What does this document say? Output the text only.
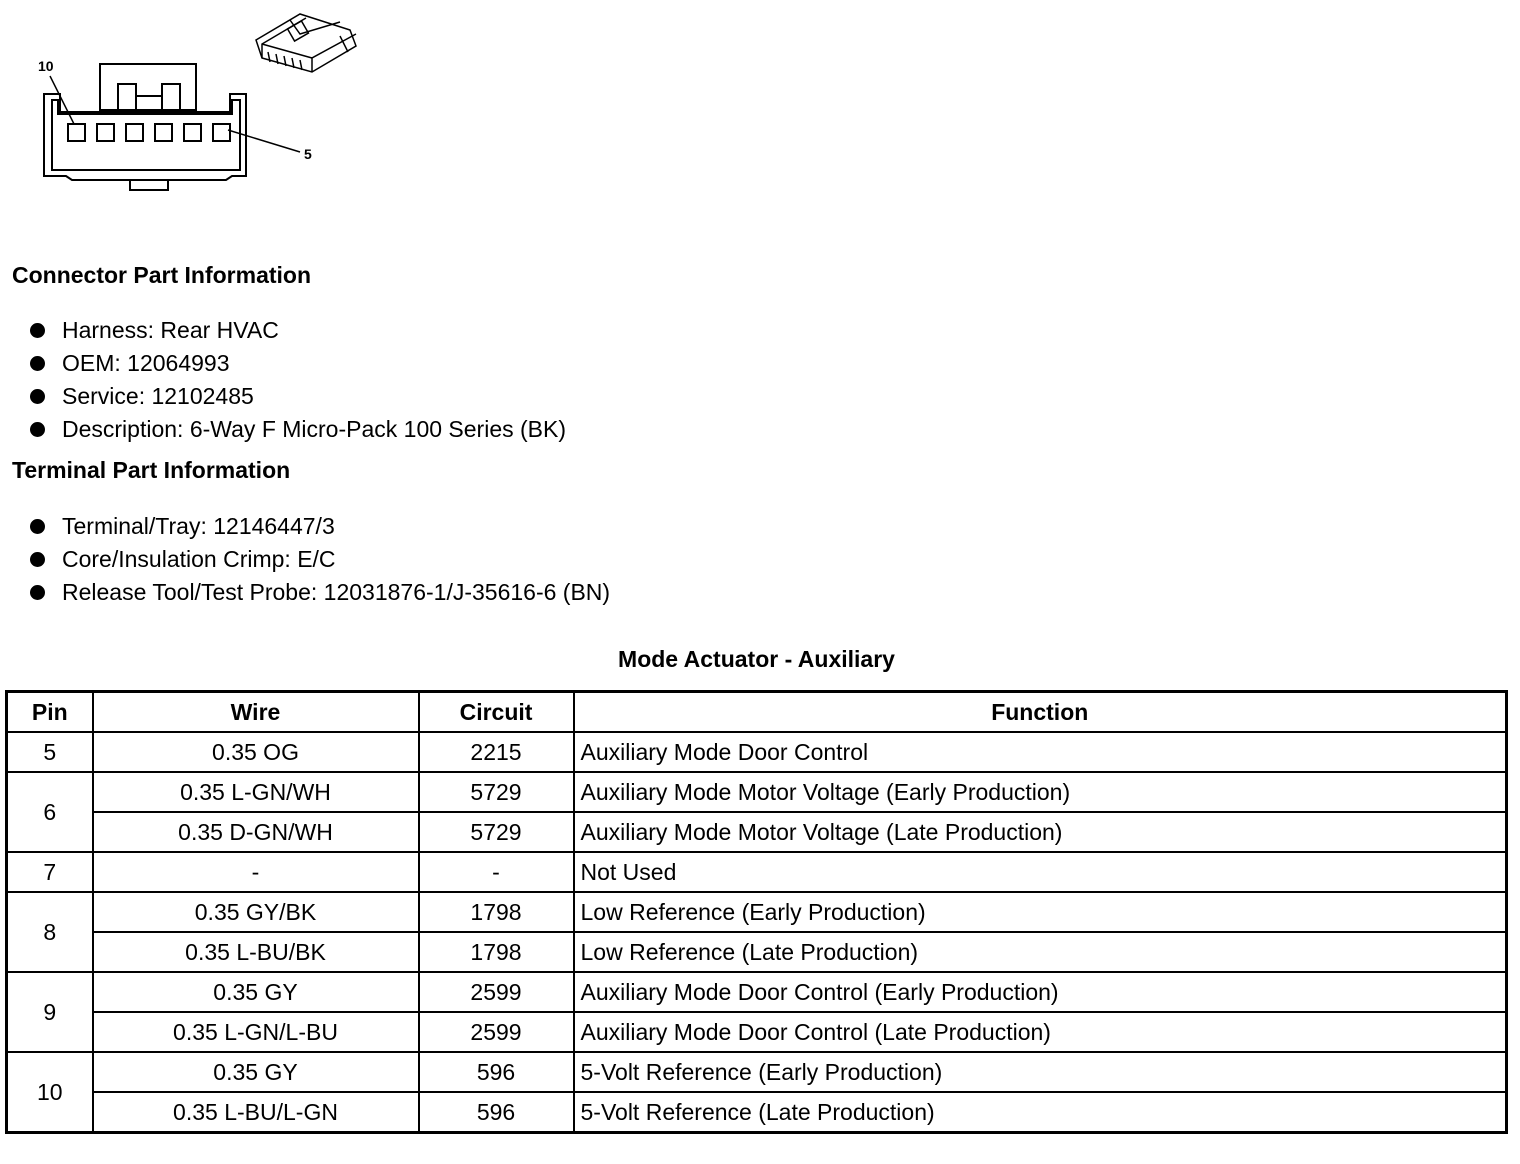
10
5
Connector Part Information
Harness: Rear HVAC
OEM: 12064993
Service: 12102485
Description: 6-Way F Micro-Pack 100 Series (BK)
Terminal Part Information
Terminal/Tray: 12146447/3
Core/Insulation Crimp: E/C
Release Tool/Test Probe: 12031876-1/J-35616-6 (BN)
Mode Actuator - Auxiliary
Pin	Wire	Circuit	Function
5	0.35 OG	2215	Auxiliary Mode Door Control
6	0.35 L-GN/WH	5729	Auxiliary Mode Motor Voltage (Early Production)
	0.35 D-GN/WH	5729	Auxiliary Mode Motor Voltage (Late Production)
7	-	-	Not Used
8	0.35 GY/BK	1798	Low Reference (Early Production)
	0.35 L-BU/BK	1798	Low Reference (Late Production)
9	0.35 GY	2599	Auxiliary Mode Door Control (Early Production)
	0.35 L-GN/L-BU	2599	Auxiliary Mode Door Control (Late Production)
10	0.35 GY	596	5-Volt Reference (Early Production)
	0.35 L-BU/L-GN	596	5-Volt Reference (Late Production)
